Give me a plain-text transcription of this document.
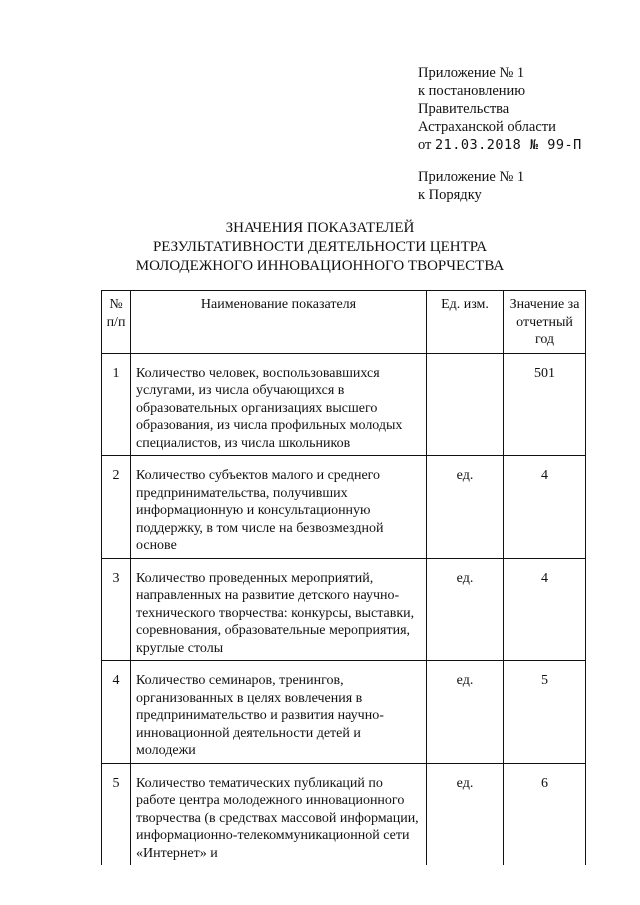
Приложение № 1
к постановлению
Правительства
Астраханской области
от 21.03.2018 № 99-П
Приложение № 1
к Порядку
ЗНАЧЕНИЯ ПОКАЗАТЕЛЕЙ
РЕЗУЛЬТАТИВНОСТИ ДЕЯТЕЛЬНОСТИ ЦЕНТРА
МОЛОДЕЖНОГО ИННОВАЦИОННОГО ТВОРЧЕСТВА
№ п/п	Наименование показателя	Ед. изм.	Значение за отчетный год
1	Количество человек, воспользовавшихся услугами, из числа обучающихся в образовательных организациях высшего образования, из числа профильных молодых специалистов, из числа школьников		501
2	Количество субъектов малого и среднего предпринимательства, получивших информационную и консультационную поддержку, в том числе на безвозмездной основе	ед.	4
3	Количество проведенных мероприятий, направленных на развитие детского научно-технического творчества: конкурсы, выставки, соревнования, образовательные мероприятия, круглые столы	ед.	4
4	Количество семинаров, тренингов, организованных в целях вовлечения в предпринимательство и развития научно-инновационной деятельности детей и молодежи	ед.	5
5	Количество тематических публикаций по работе центра молодежного инновационного творчества (в средствах массовой информации, информационно-телекоммуникационной сети «Интернет» и	ед.	6
